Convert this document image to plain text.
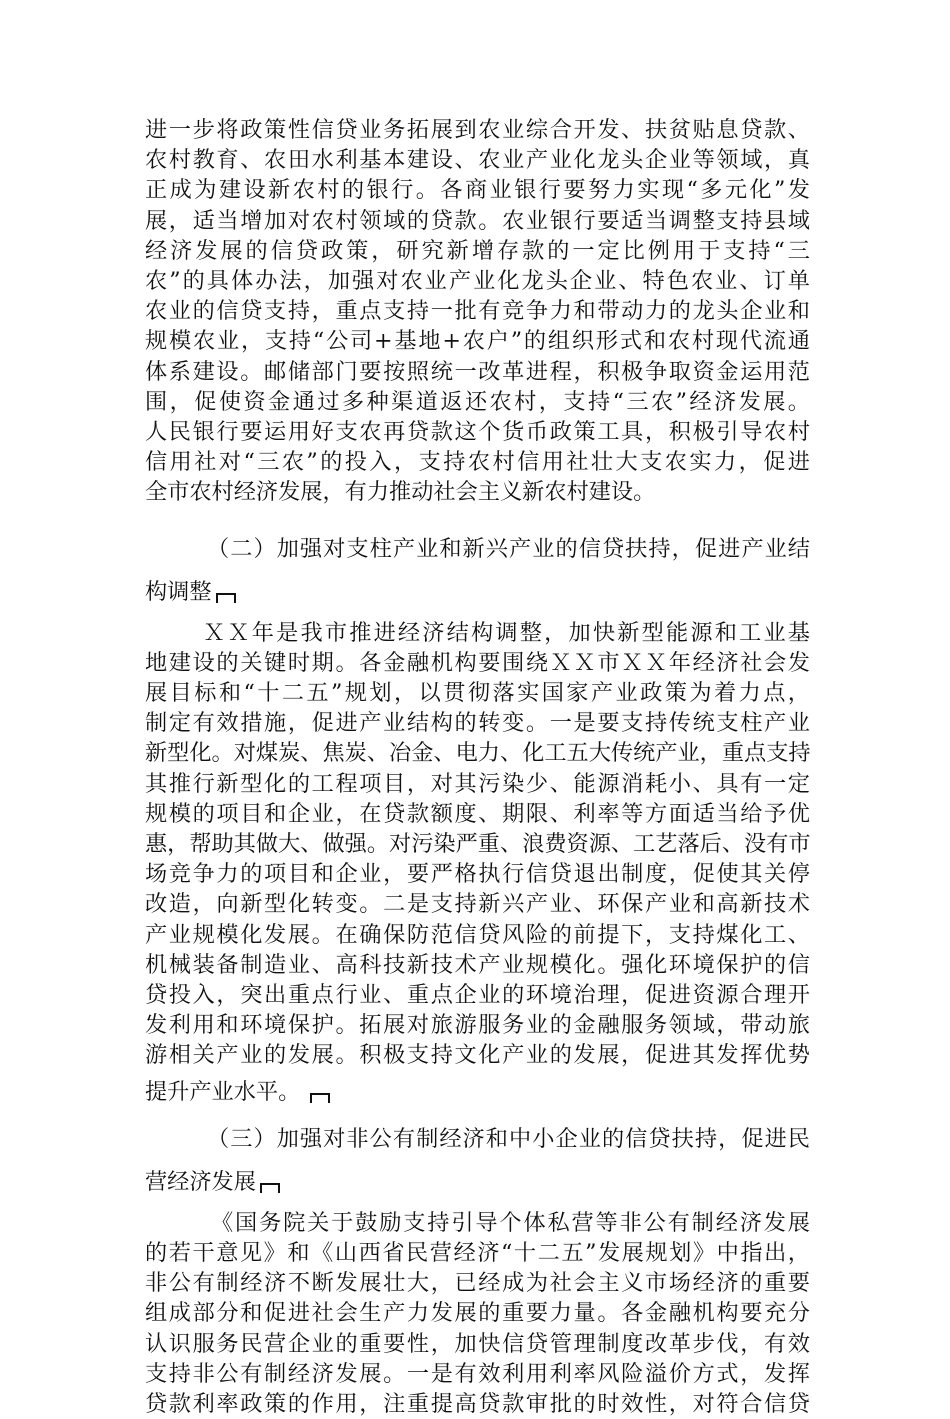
进一步将政策性信贷业务拓展到农业综合开发、扶贫贴息贷款、
农村教育、农田水利基本建设、农业产业化龙头企业等领域，真
正成为建设新农村的银行。各商业银行要努力实现“多元化”发
展，适当增加对农村领域的贷款。农业银行要适当调整支持县域
经济发展的信贷政策，研究新增存款的一定比例用于支持“三
农”的具体办法，加强对农业产业化龙头企业、特色农业、订单
农业的信贷支持，重点支持一批有竞争力和带动力的龙头企业和
规模农业，支持“公司+基地+农户”的组织形式和农村现代流通
体系建设。邮储部门要按照统一改革进程，积极争取资金运用范
围，促使资金通过多种渠道返还农村，支持“三农”经济发展。
人民银行要运用好支农再贷款这个货币政策工具，积极引导农村
信用社对“三农”的投入，支持农村信用社壮大支农实力，促进
全市农村经济发展，有力推动社会主义新农村建设。
（二）加强对支柱产业和新兴产业的信贷扶持，促进产业结
构调整
ＸＸ年是我市推进经济结构调整，加快新型能源和工业基
地建设的关键时期。各金融机构要围绕ＸＸ市ＸＸ年经济社会发
展目标和“十二五”规划，以贯彻落实国家产业政策为着力点，
制定有效措施，促进产业结构的转变。一是要支持传统支柱产业
新型化。对煤炭、焦炭、冶金、电力、化工五大传统产业，重点支持
其推行新型化的工程项目，对其污染少、能源消耗小、具有一定
规模的项目和企业，在贷款额度、期限、利率等方面适当给予优
惠，帮助其做大、做强。对污染严重、浪费资源、工艺落后、没有市
场竞争力的项目和企业，要严格执行信贷退出制度，促使其关停
改造，向新型化转变。二是支持新兴产业、环保产业和高新技术
产业规模化发展。在确保防范信贷风险的前提下，支持煤化工、
机械装备制造业、高科技新技术产业规模化。强化环境保护的信
贷投入，突出重点行业、重点企业的环境治理，促进资源合理开
发利用和环境保护。拓展对旅游服务业的金融服务领域，带动旅
游相关产业的发展。积极支持文化产业的发展，促进其发挥优势
提升产业水平。
（三）加强对非公有制经济和中小企业的信贷扶持，促进民
营经济发展
《国务院关于鼓励支持引导个体私营等非公有制经济发展
的若干意见》和《山西省民营经济“十二五”发展规划》中指出，
非公有制经济不断发展壮大，已经成为社会主义市场经济的重要
组成部分和促进社会生产力发展的重要力量。各金融机构要充分
认识服务民营企业的重要性，加快信贷管理制度改革步伐，有效
支持非公有制经济发展。一是有效利用利率风险溢价方式，发挥
贷款利率政策的作用，注重提高贷款审批的时效性，对符合信贷
